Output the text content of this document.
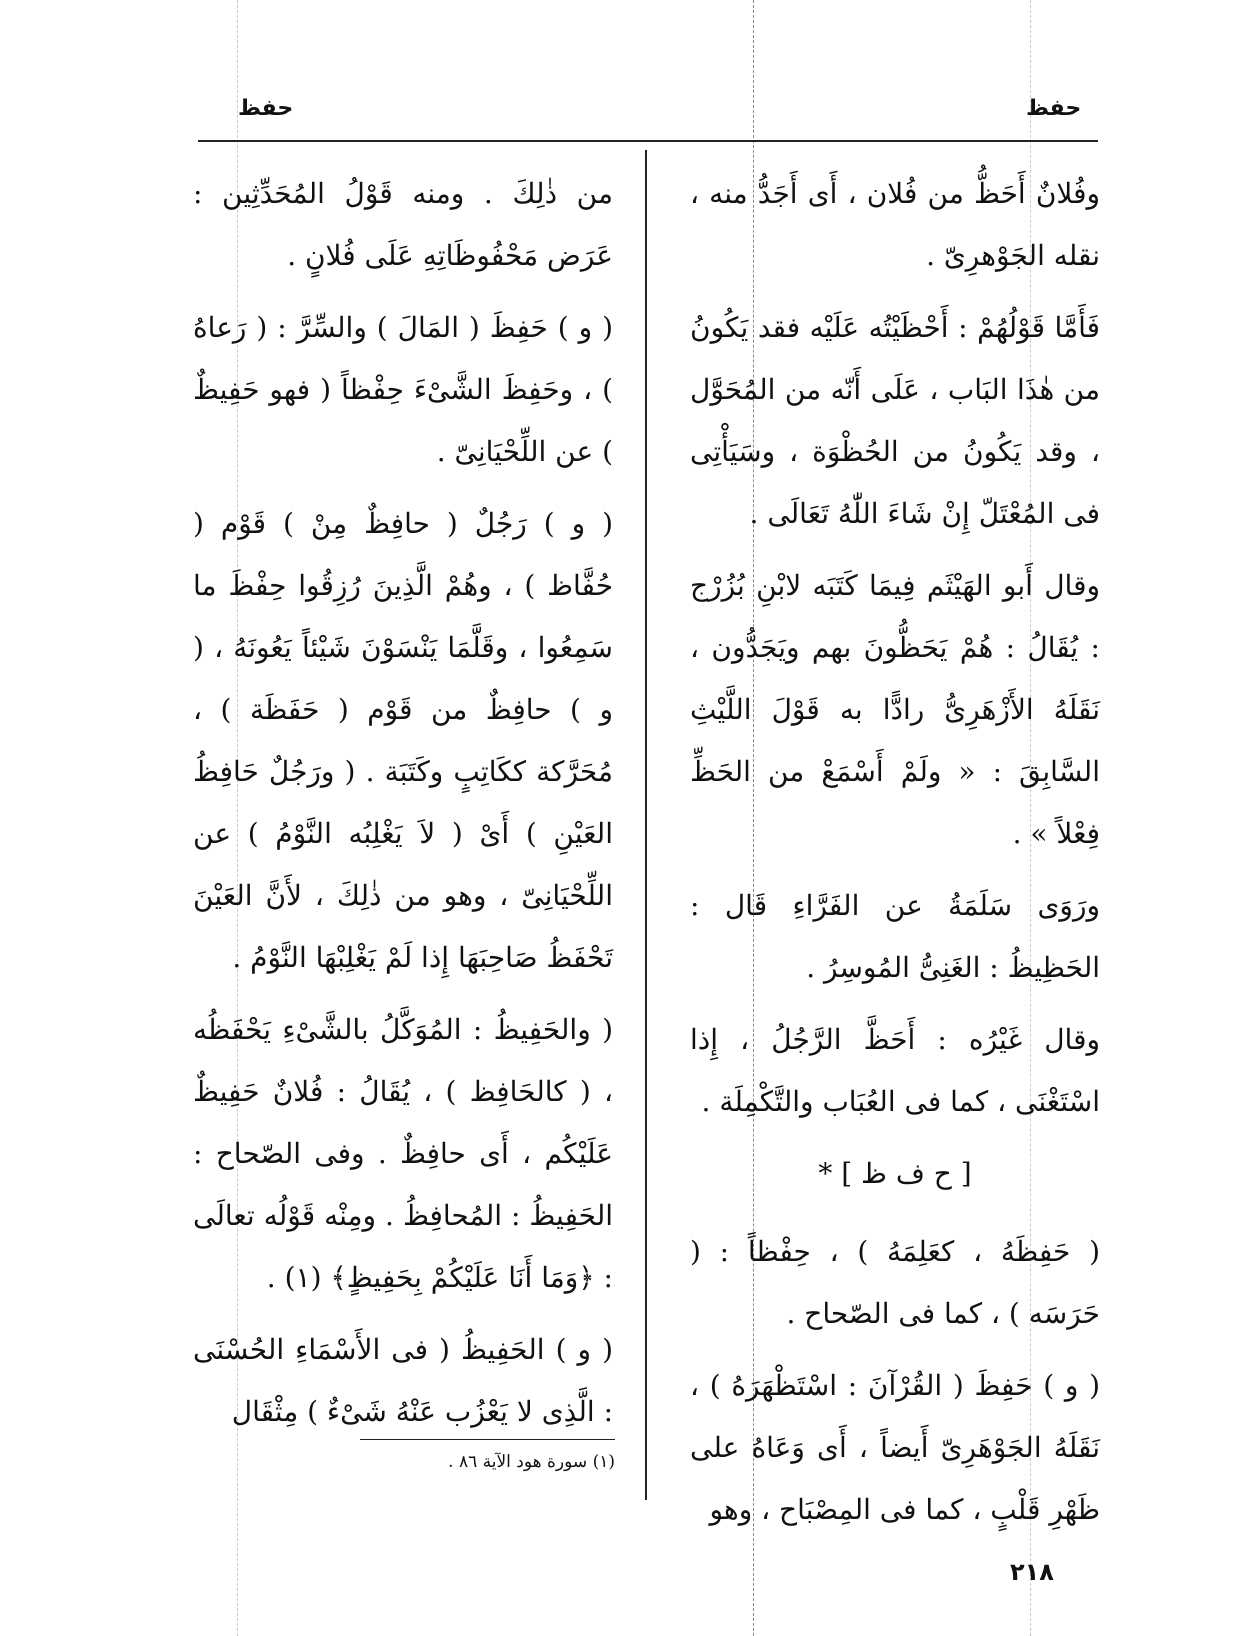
حفظ	حفظ

وفُلانٌ أَحَظُّ من فُلان ، أَى أَجَدُّ منه ، نقله الجَوْهرِىّ .

فَأَمَّا قَوْلُهُمْ : أَحْظَيْتُه عَلَيْه فقد يَكُونُ من هٰذَا البَاب ، عَلَى أَنّه من المُحَوَّل ، وقد يَكُونُ من الحُظْوَة ، وسَيَأْتِى فى المُعْتَلّ إِنْ شَاءَ اللّٰهُ تَعَالَى .

وقال أَبو الهَيْثَم فِيمَا كَتَبَه لابْنِ بُزُرْج : يُقَالُ : هُمْ يَحَظُّونَ بهم ويَجَدُّون ، نَقَلَهُ الأَزْهَرِىُّ رادًّا به قَوْلَ اللَّيْثِ السَّابِقَ : « ولَمْ أَسْمَعْ من الحَظِّ فِعْلاً » .

ورَوَى سَلَمَةُ عن الفَرَّاءِ قَال : الحَظِيظُ : الغَنِىُّ المُوسِرُ .

وقال غَيْرُه : أَحَظَّ الرَّجُلُ ، إِذا اسْتَغْنَى ، كما فى العُبَاب والتَّكْمِلَة .

[ ح ف ظ ] *

( حَفِظَهُ ، كعَلِمَهُ ) ، حِفْظاً : ( حَرَسَه ) ، كما فى الصّحاح .

( و ) حَفِظَ ( القُرْآنَ : اسْتَظْهَرَهُ ) ، نَقَلَهُ الجَوْهَرِىّ أَيضاً ، أَى وَعَاهُ على ظَهْرِ قَلْبٍ ، كما فى المِصْبَاح ، وهو

من ذٰلِكَ . ومنه قَوْلُ المُحَدِّثِين : عَرَض مَحْفُوظَاتِهِ عَلَى فُلانٍ .

( و ) حَفِظَ ( المَالَ ) والسِّرَّ : ( رَعاهُ ) ، وحَفِظَ الشَّىْءَ حِفْظاً ( فهو حَفِيظٌ ) عن اللِّحْيَانِىّ .

( و ) رَجُلٌ ( حافِظٌ مِنْ ) قَوْم ( حُفَّاظ ) ، وهُمْ الَّذِينَ رُزِقُوا حِفْظَ ما سَمِعُوا ، وقَلَّمَا يَنْسَوْنَ شَيْئاً يَعُونَهُ ، ( و ) حافِظٌ من قَوْم ( حَفَظَة ) ، مُحَرَّكة ككَاتِبٍ وكَتَبَة . ( ورَجُلٌ حَافِظُ العَيْنِ ) أَىْ ( لاَ يَغْلِبُه النَّوْمُ ) عن اللِّحْيَانِىّ ، وهو من ذٰلِكَ ، لأَنَّ العَيْنَ تَحْفَظُ صَاحِبَهَا إِذا لَمْ يَغْلِبْهَا النَّوْمُ .

( والحَفِيظُ : المُوَكَّلُ بالشَّىْءِ يَحْفَظُه ، ( كالحَافِظ ) ، يُقَالُ : فُلانٌ حَفِيظٌ عَلَيْكُم ، أَى حافِظٌ . وفى الصّحاح : الحَفِيظُ : المُحافِظُ . ومِنْه قَوْلُه تعالَى : ﴿وَمَا أَنَا عَلَيْكُمْ بِحَفِيظٍ﴾ (١) .

( و ) الحَفِيظُ ( فى الأَسْمَاءِ الحُسْنَى : الَّذِى لا يَعْزُب عَنْهُ شَىْءٌ ) مِثْقَال

(١) سورة هود الآية ٨٦ .
٢١٨
